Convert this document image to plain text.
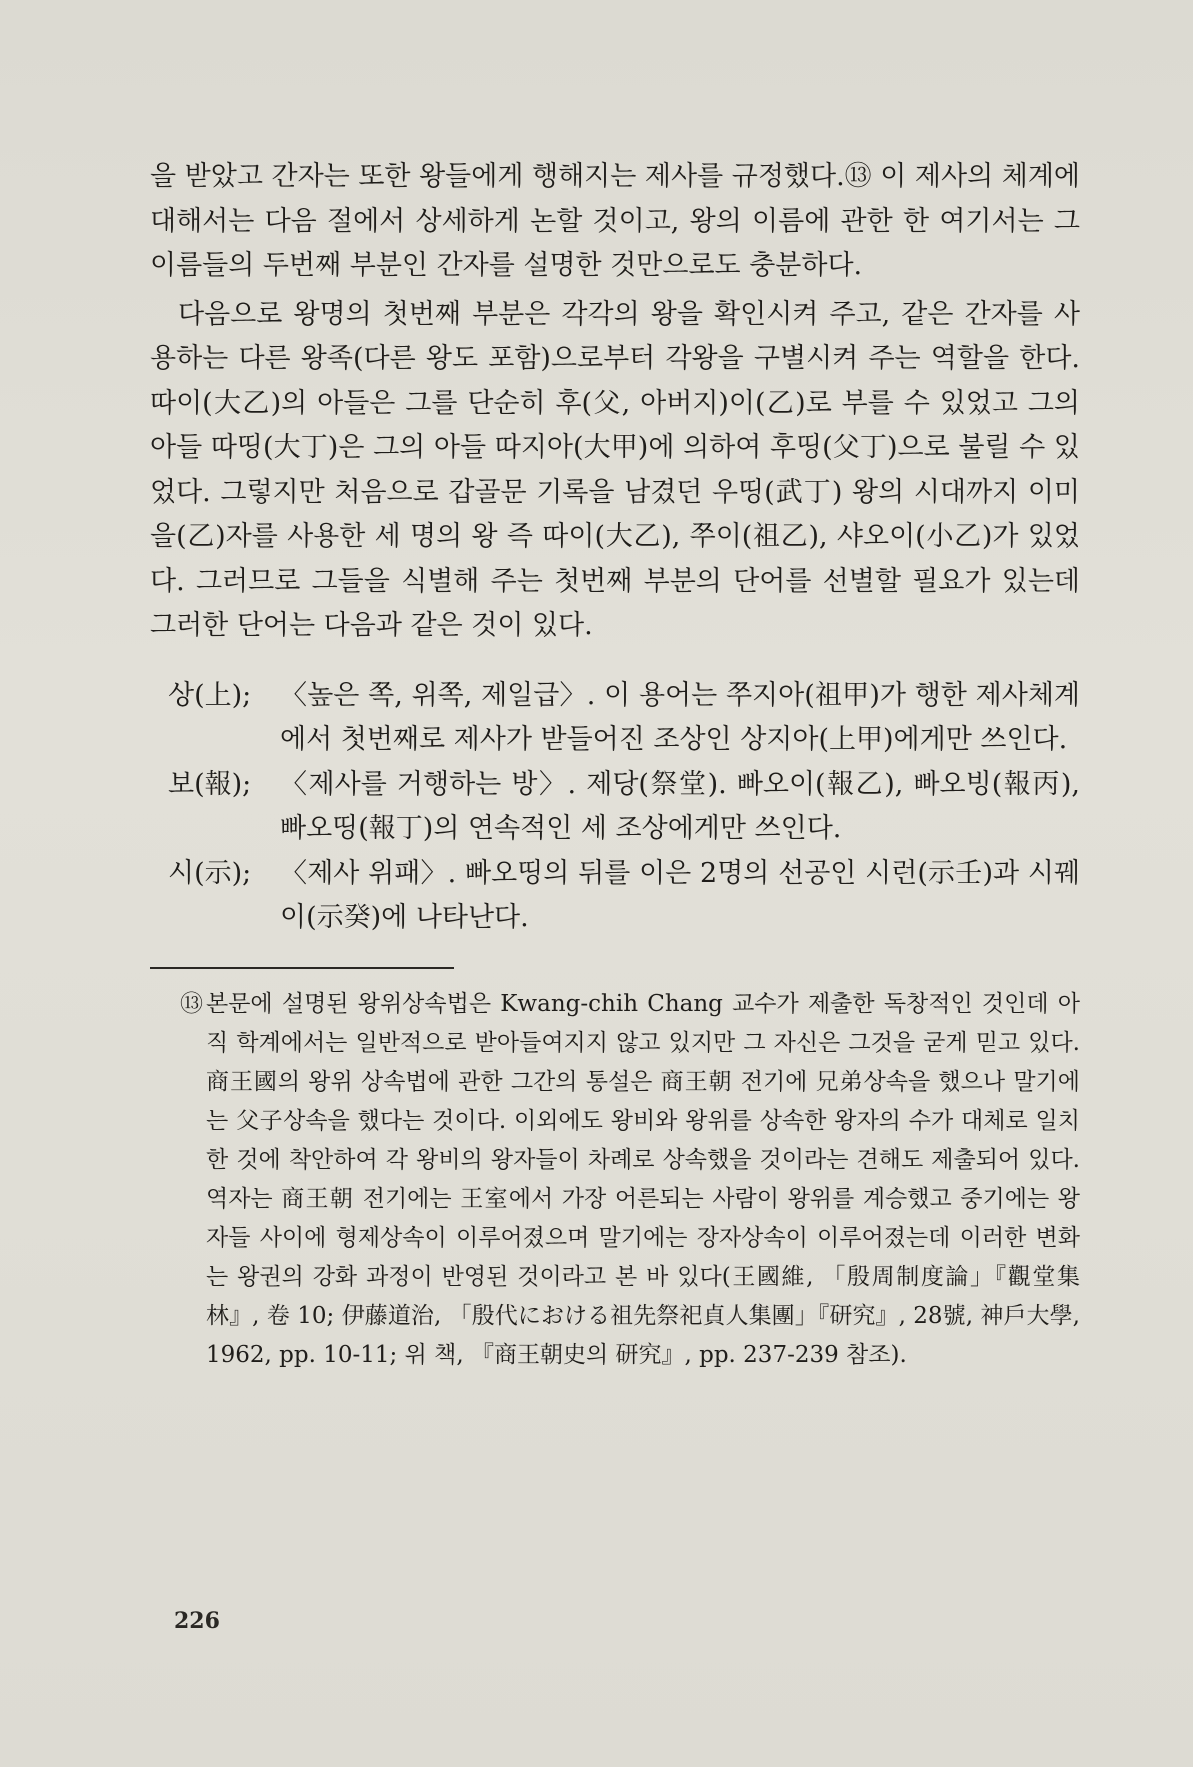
을 받았고 간자는 또한 왕들에게 행해지는 제사를 규정했다.⑬ 이 제사의 체계에 대해서는 다음 절에서 상세하게 논할 것이고, 왕의 이름에 관한 한 여기서는 그 이름들의 두번째 부분인 간자를 설명한 것만으로도 충분하다.

다음으로 왕명의 첫번째 부분은 각각의 왕을 확인시켜 주고, 같은 간자를 사용하는 다른 왕족(다른 왕도 포함)으로부터 각왕을 구별시켜 주는 역할을 한다. 따이(大乙)의 아들은 그를 단순히 후(父, 아버지)이(乙)로 부를 수 있었고 그의 아들 따띵(大丁)은 그의 아들 따지아(大甲)에 의하여 후띵(父丁)으로 불릴 수 있었다. 그렇지만 처음으로 갑골문 기록을 남겼던 우띵(武丁) 왕의 시대까지 이미 을(乙)자를 사용한 세 명의 왕 즉 따이(大乙), 쭈이(祖乙), 샤오이(小乙)가 있었다. 그러므로 그들을 식별해 주는 첫번째 부분의 단어를 선별할 필요가 있는데 그러한 단어는 다음과 같은 것이 있다.

상(上);	〈높은 쪽, 위쪽, 제일급〉. 이 용어는 쭈지아(祖甲)가 행한 제사체계에서 첫번째로 제사가 받들어진 조상인 상지아(上甲)에게만 쓰인다.
보(報);	〈제사를 거행하는 방〉. 제당(祭堂). 빠오이(報乙), 빠오빙(報丙), 빠오띵(報丁)의 연속적인 세 조상에게만 쓰인다.
시(示);	〈제사 위패〉. 빠오띵의 뒤를 이은 2명의 선공인 시런(示壬)과 시꿰이(示癸)에 나타난다.
⑬ 본문에 설명된 왕위상속법은 Kwang-chih Chang 교수가 제출한 독창적인 것인데 아직 학계에서는 일반적으로 받아들여지지 않고 있지만 그 자신은 그것을 굳게 믿고 있다. 商王國의 왕위 상속법에 관한 그간의 통설은 商王朝 전기에 兄弟상속을 했으나 말기에는 父子상속을 했다는 것이다. 이외에도 왕비와 왕위를 상속한 왕자의 수가 대체로 일치한 것에 착안하여 각 왕비의 왕자들이 차례로 상속했을 것이라는 견해도 제출되어 있다. 역자는 商王朝 전기에는 王室에서 가장 어른되는 사람이 왕위를 계승했고 중기에는 왕자들 사이에 형제상속이 이루어졌으며 말기에는 장자상속이 이루어졌는데 이러한 변화는 왕권의 강화 과정이 반영된 것이라고 본 바 있다(王國維, 「殷周制度論」『觀堂集林』, 卷 10; 伊藤道治, 「殷代における祖先祭祀貞人集團」『研究』, 28號, 神戶大學, 1962, pp. 10-11; 위 책, 『商王朝史의 研究』, pp. 237-239 참조).
226
